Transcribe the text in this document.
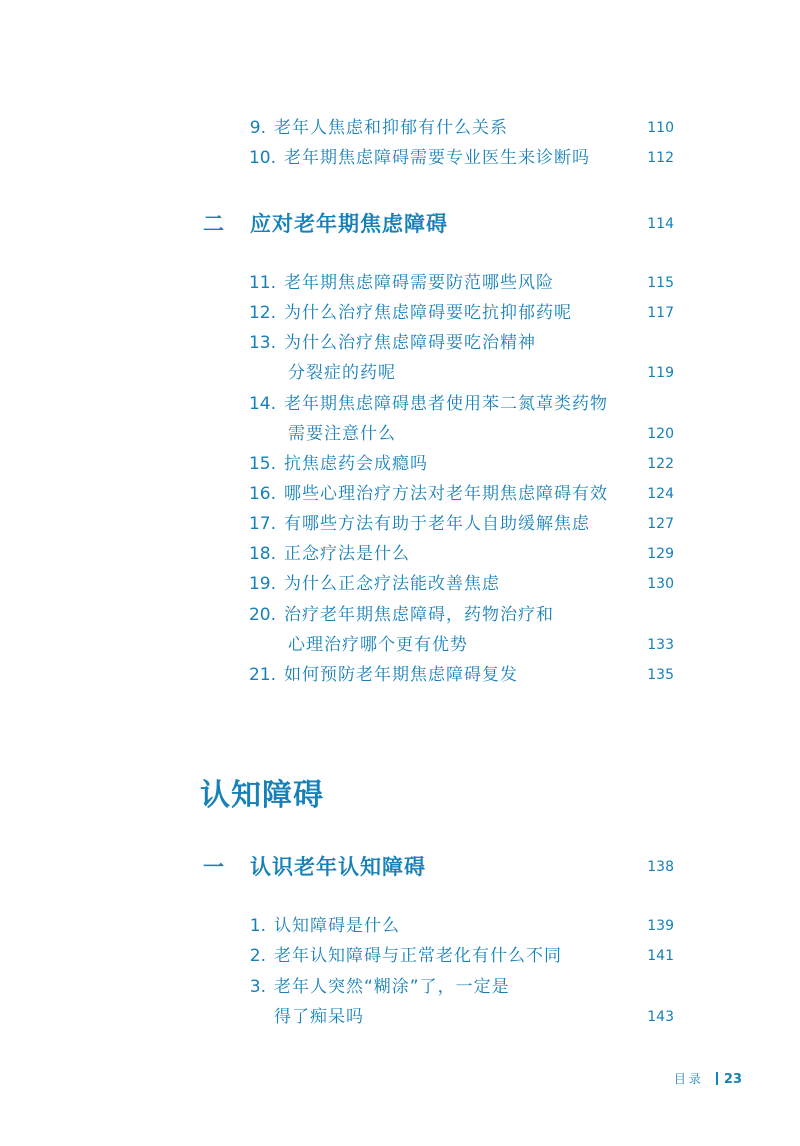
9. 老年人焦虑和抑郁有什么关系	110
10. 老年期焦虑障碍需要专业医生来诊断吗	112
二	应对老年期焦虑障碍	114
11. 老年期焦虑障碍需要防范哪些风险	115
12. 为什么治疗焦虑障碍要吃抗抑郁药呢	117
13. 为什么治疗焦虑障碍要吃治精神
分裂症的药呢	119
14. 老年期焦虑障碍患者使用苯二氮䓬类药物
需要注意什么	120
15. 抗焦虑药会成瘾吗	122
16. 哪些心理治疗方法对老年期焦虑障碍有效	124
17. 有哪些方法有助于老年人自助缓解焦虑	127
18. 正念疗法是什么	129
19. 为什么正念疗法能改善焦虑	130
20. 治疗老年期焦虑障碍，药物治疗和
心理治疗哪个更有优势	133
21. 如何预防老年期焦虑障碍复发	135
认知障碍
一	认识老年认知障碍	138
1. 认知障碍是什么	139
2. 老年认知障碍与正常老化有什么不同	141
3. 老年人突然“糊涂”了，一定是
得了痴呆吗	143
目录 23
